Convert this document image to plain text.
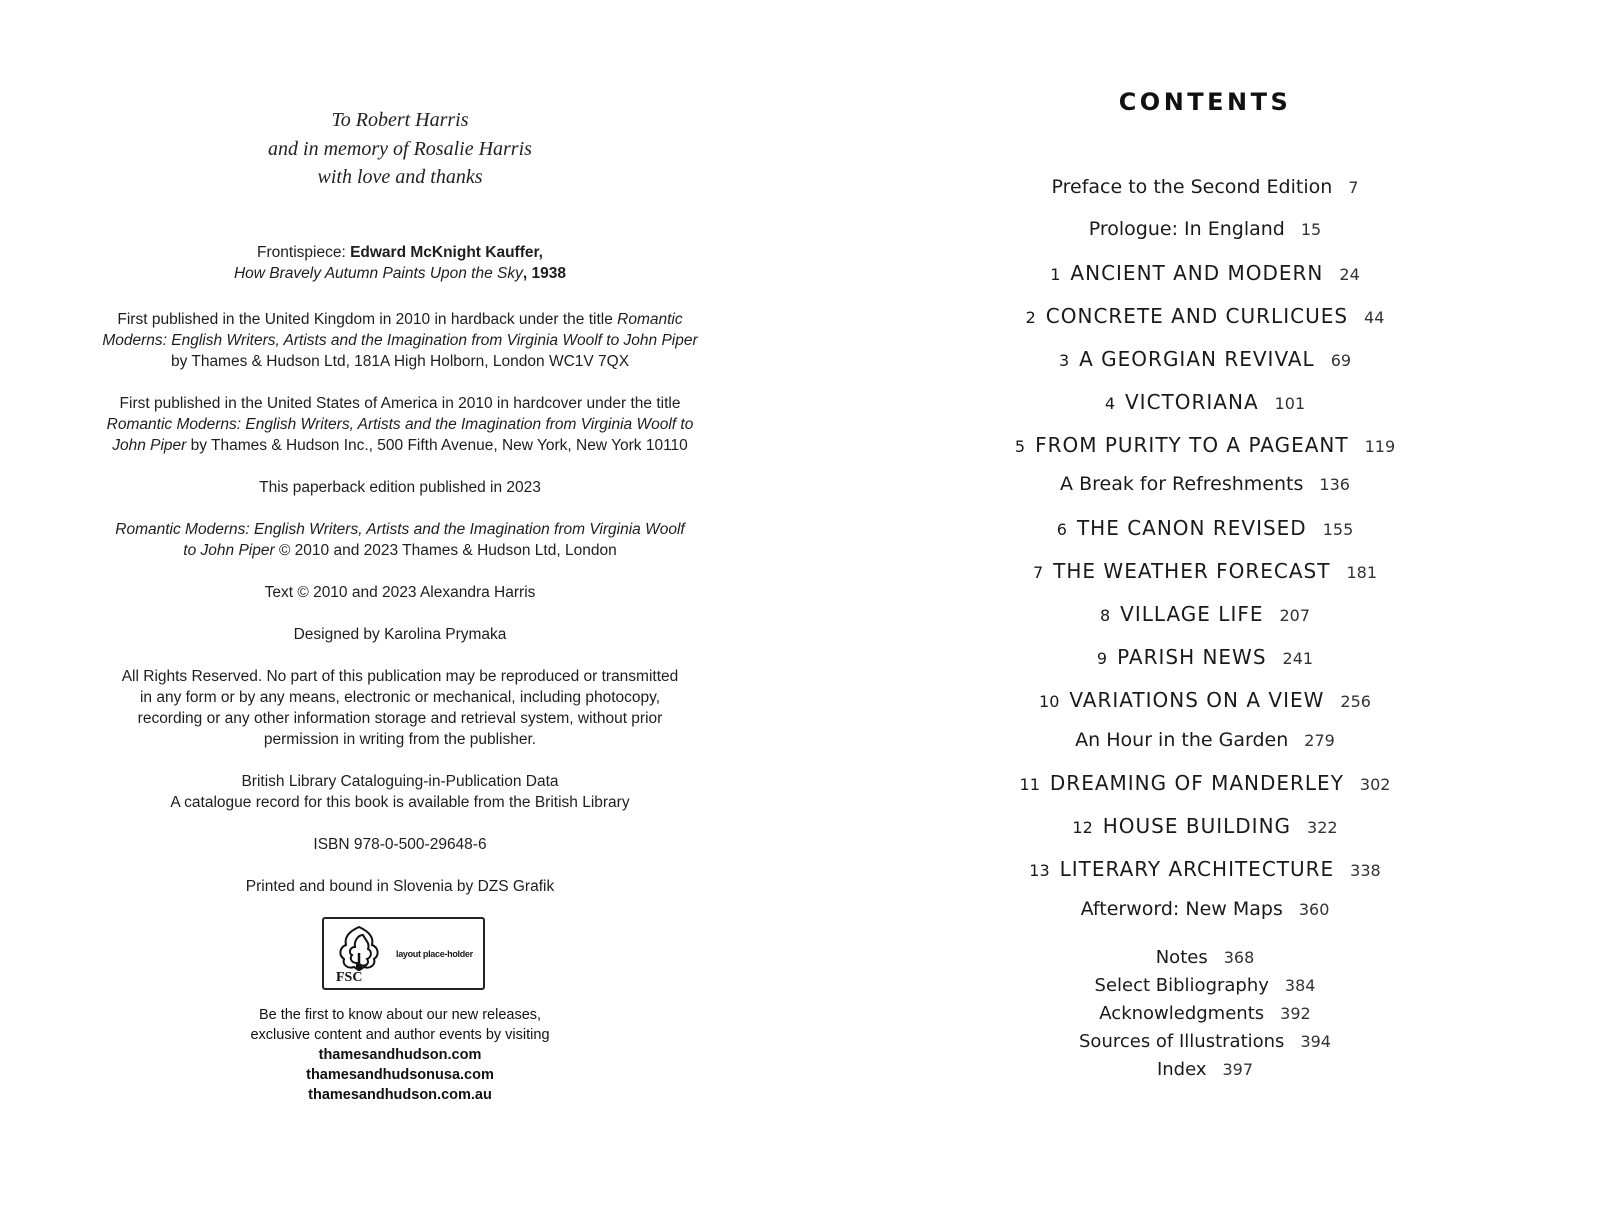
To Robert Harris
and in memory of Rosalie Harris
with love and thanks

Frontispiece: Edward McKnight Kauffer,
How Bravely Autumn Paints Upon the Sky, 1938

First published in the United Kingdom in 2010 in hardback under the title Romantic
Moderns: English Writers, Artists and the Imagination from Virginia Woolf to John Piper
by Thames & Hudson Ltd, 181A High Holborn, London WC1V 7QX

First published in the United States of America in 2010 in hardcover under the title
Romantic Moderns: English Writers, Artists and the Imagination from Virginia Woolf to
John Piper by Thames & Hudson Inc., 500 Fifth Avenue, New York, New York 10110

This paperback edition published in 2023

Romantic Moderns: English Writers, Artists and the Imagination from Virginia Woolf
to John Piper © 2010 and 2023 Thames & Hudson Ltd, London

Text © 2010 and 2023 Alexandra Harris

Designed by Karolina Prymaka

All Rights Reserved. No part of this publication may be reproduced or transmitted
in any form or by any means, electronic or mechanical, including photocopy,
recording or any other information storage and retrieval system, without prior
permission in writing from the publisher.

British Library Cataloguing-in-Publication Data
A catalogue record for this book is available from the British Library

ISBN 978-0-500-29648-6

Printed and bound in Slovenia by DZS Grafik

FSC
layout place-holder
Be the first to know about our new releases,
exclusive content and author events by visiting
thamesandhudson.com
thamesandhudsonusa.com
thamesandhudson.com.au
CONTENTS
Preface to the Second Edition 7
Prologue: In England 15
1 ANCIENT AND MODERN 24
2 CONCRETE AND CURLICUES 44
3 A GEORGIAN REVIVAL 69
4 VICTORIANA 101
5 FROM PURITY TO A PAGEANT 119
A Break for Refreshments 136
6 THE CANON REVISED 155
7 THE WEATHER FORECAST 181
8 VILLAGE LIFE 207
9 PARISH NEWS 241
10 VARIATIONS ON A VIEW 256
An Hour in the Garden 279
11 DREAMING OF MANDERLEY 302
12 HOUSE BUILDING 322
13 LITERARY ARCHITECTURE 338
Afterword: New Maps 360
Notes 368
Select Bibliography 384
Acknowledgments 392
Sources of Illustrations 394
Index 397
